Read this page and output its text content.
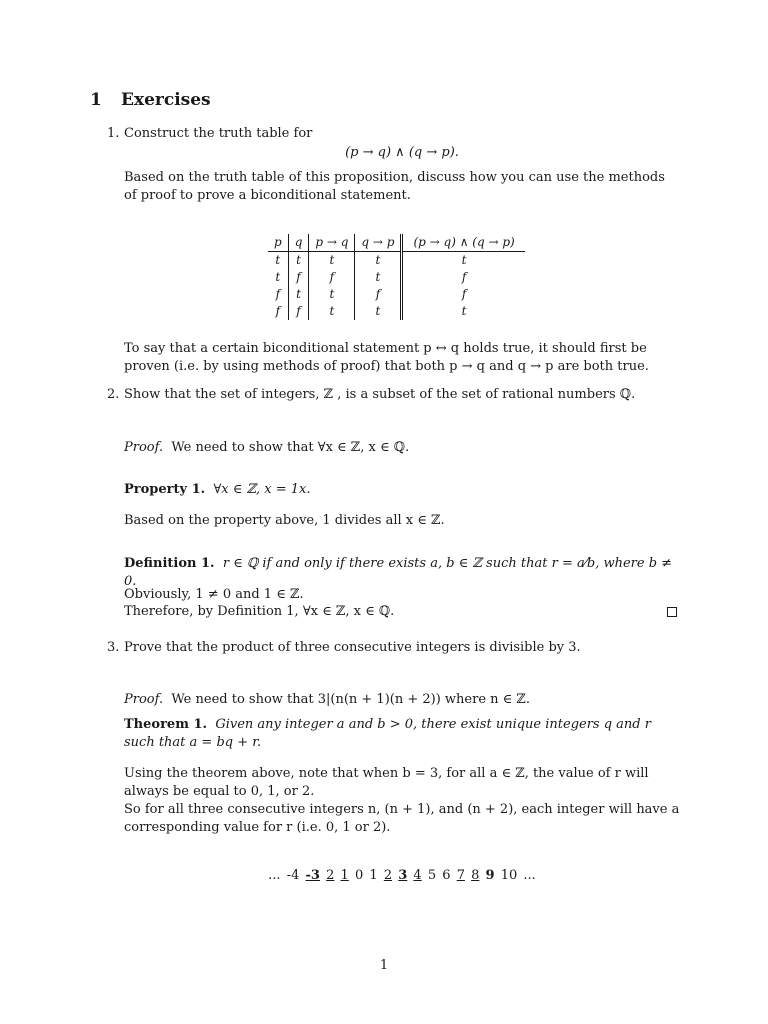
1 Exercises
1. Construct the truth table for
(p → q) ∧ (q → p).
Based on the truth table of this proposition, discuss how you can use the methods of proof to prove a biconditional statement.
p	q	p → q	q → p	(p → q) ∧ (q → p)
t	t	t	t	t
t	f	f	t	f
f	t	t	f	f
f	f	t	t	t
To say that a certain biconditional statement p ↔ q holds true, it should first be proven (i.e. by using methods of proof) that both p → q and q → p are both true.
2. Show that the set of integers, ℤ , is a subset of the set of rational numbers ℚ.
Proof. We need to show that ∀x ∈ ℤ, x ∈ ℚ.
Property 1. ∀x ∈ ℤ, x = 1x.
Based on the property above, 1 divides all x ∈ ℤ.
Definition 1. r ∈ ℚ if and only if there exists a, b ∈ ℤ such that r = a⁄b, where b ≠ 0.
Obviously, 1 ≠ 0 and 1 ∈ ℤ.
Therefore, by Definition 1, ∀x ∈ ℤ, x ∈ ℚ.
3. Prove that the product of three consecutive integers is divisible by 3.
Proof. We need to show that 3|(n(n + 1)(n + 2)) where n ∈ ℤ.
Theorem 1. Given any integer a and b > 0, there exist unique integers q and r such that a = bq + r.
Using the theorem above, note that when b = 3, for all a ∈ ℤ, the value of r will always be equal to 0, 1, or 2.
So for all three consecutive integers n, (n + 1), and (n + 2), each integer will have a corresponding value for r (i.e. 0, 1 or 2).
... -4 -3 2 1 0 1 2 3 4 5 6 7 8 9 10 ...
1
